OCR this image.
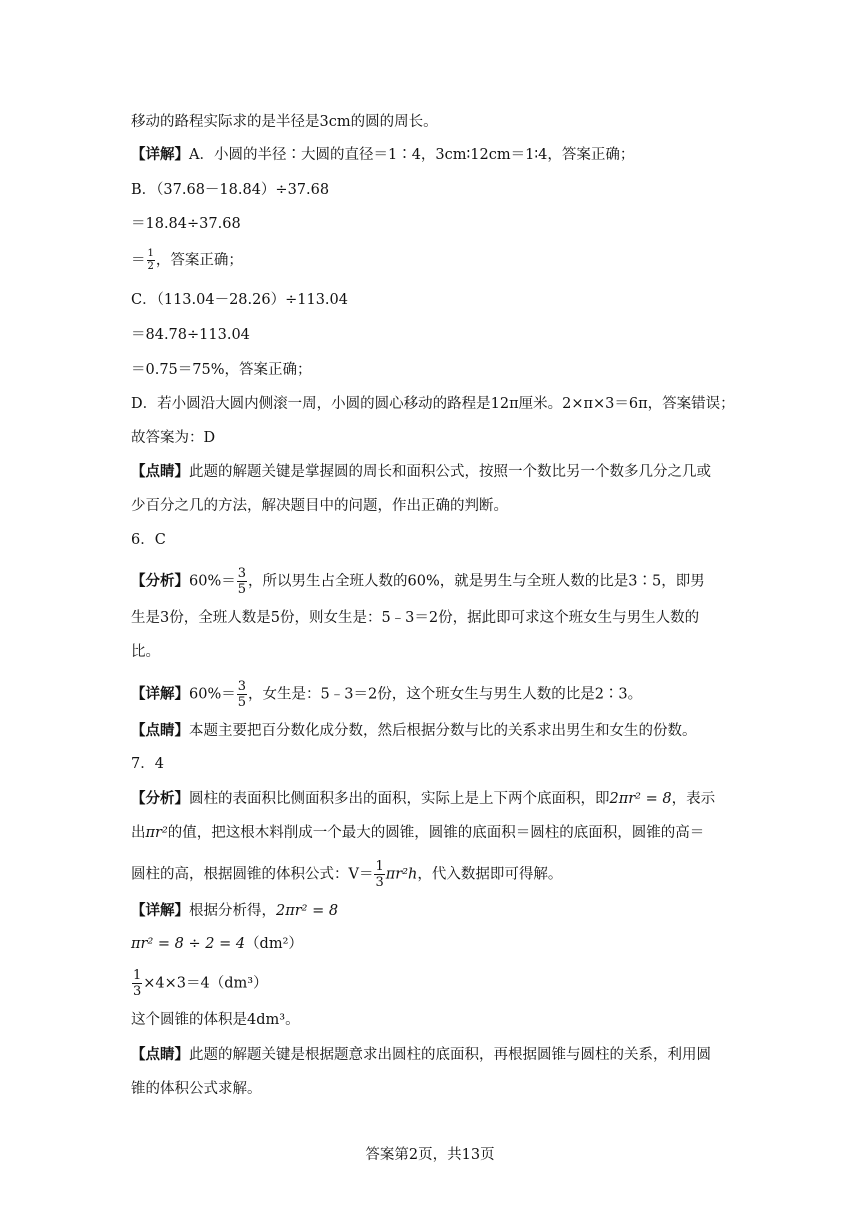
移动的路程实际求的是半径是3cm的圆的周长。
【详解】A．小圆的半径∶大圆的直径＝1∶4，3cm∶12cm＝1∶4，答案正确；
B．（37.68－18.84）÷37.68
＝18.84÷37.68
＝ $\frac{1}{2}$ ，答案正确；
C．（113.04－28.26）÷113.04
＝84.78÷113.04
＝0.75＝75%，答案正确；
D．若小圆沿大圆内侧滚一周，小圆的圆心移动的路程是12π厘米。2×π×3＝6π，答案错误；
故答案为：D
【点睛】此题的解题关键是掌握圆的周长和面积公式，按照一个数比另一个数多几分之几或
少百分之几的方法，解决题目中的问题，作出正确的判断。
6．C
【分析】$60\%= \frac{3}{5}$ ，所以男生占全班人数的60%，就是男生与全班人数的比是3∶5，即男
生是3份，全班人数是5份，则女生是：5﹣3＝2份，据此即可求这个班女生与男生人数的
比。
【详解】$60\%= \frac{3}{5}$ ，女生是：5﹣3＝2份，这个班女生与男生人数的比是2∶3。
【点睛】本题主要把百分数化成分数，然后根据分数与比的关系求出男生和女生的份数。
7．4
【分析】圆柱的表面积比侧面积多出的面积，实际上是上下两个底面积，即2πr² = 8，表示
出πr²的值，把这根木料削成一个最大的圆锥，圆锥的底面积＝圆柱的底面积，圆锥的高＝
圆柱的高，根据圆锥的体积公式：$V= \frac{1}{3} \pi r^2h$，代入数据即可得解。
【详解】根据分析得，2πr² = 8
πr² = 8 ÷ 2 = 4（dm²）
$\frac{1}{3} \times 4\times 3=4(dm^3)$
这个圆锥的体积是4dm³。
【点睛】此题的解题关键是根据题意求出圆柱的底面积，再根据圆锥与圆柱的关系，利用圆
锥的体积公式求解。
答案第2页，共13页
